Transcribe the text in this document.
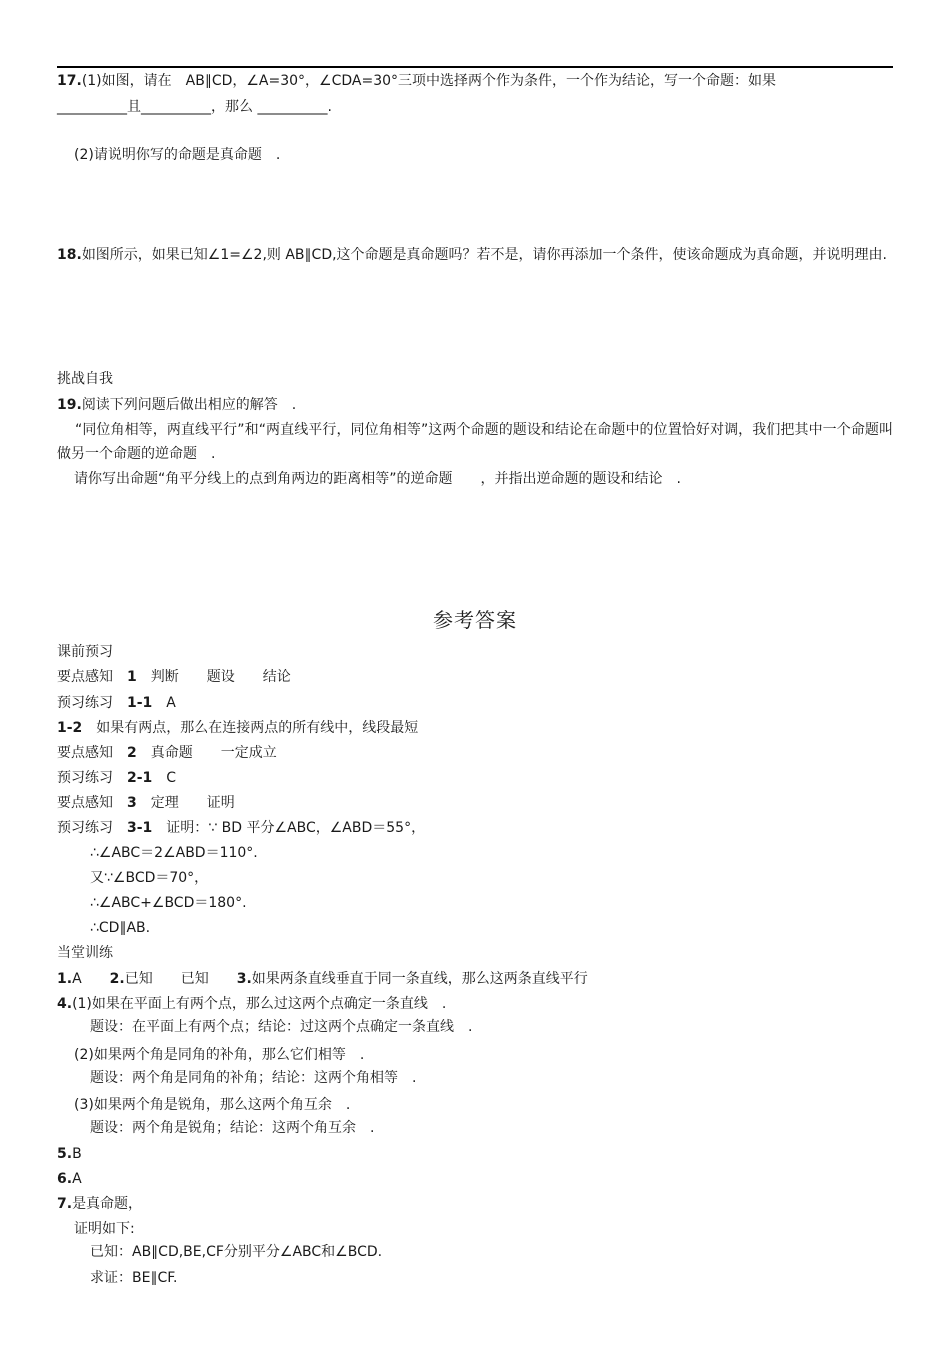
17.(1)如图，请在　AB∥CD，∠A=30°，∠CDA=30°三项中选择两个作为条件，一个作为结论，写一个命题：如果
__________且__________，那么 __________.
(2)请说明你写的命题是真命题　.
18.如图所示，如果已知∠1=∠2,则 AB∥CD,这个命题是真命题吗？若不是，请你再添加一个条件，使该命题成为真命题，并说明理由.
挑战自我
19.阅读下列问题后做出相应的解答　.
“同位角相等，两直线平行”和“两直线平行，同位角相等”这两个命题的题设和结论在命题中的位置恰好对调，我们把其中一个命题叫做另一个命题的逆命题　.
请你写出命题“角平分线上的点到角两边的距离相等”的逆命题　　，并指出逆命题的题设和结论　.
参考答案
课前预习
要点感知　 1　 判断　　题设　　结论
预习练习　 1-1　 A
1-2　 如果有两点，那么在连接两点的所有线中，线段最短
要点感知　 2　 真命题　　一定成立
预习练习　 2-1　 C
要点感知　 3　 定理　　证明
预习练习　 3-1　 证明：∵ BD 平分∠ABC，∠ABD＝55°，
∴∠ABC＝2∠ABD＝110°.
又∵∠BCD＝70°，
∴∠ABC+∠BCD＝180°.
∴CD∥AB.
当堂训练
1.A　　 2.已知　　已知　　 3.如果两条直线垂直于同一条直线，那么这两条直线平行
4.(1)如果在平面上有两个点，那么过这两个点确定一条直线　.
题设：在平面上有两个点；结论：过这两个点确定一条直线　.
(2)如果两个角是同角的补角，那么它们相等　.
题设：两个角是同角的补角；结论：这两个角相等　.
(3)如果两个角是锐角，那么这两个角互余　.
题设：两个角是锐角；结论：这两个角互余　.
5.B
6.A
7.是真命题，
证明如下:
已知：AB∥CD,BE,CF分别平分∠ABC和∠BCD.
求证：BE∥CF.
